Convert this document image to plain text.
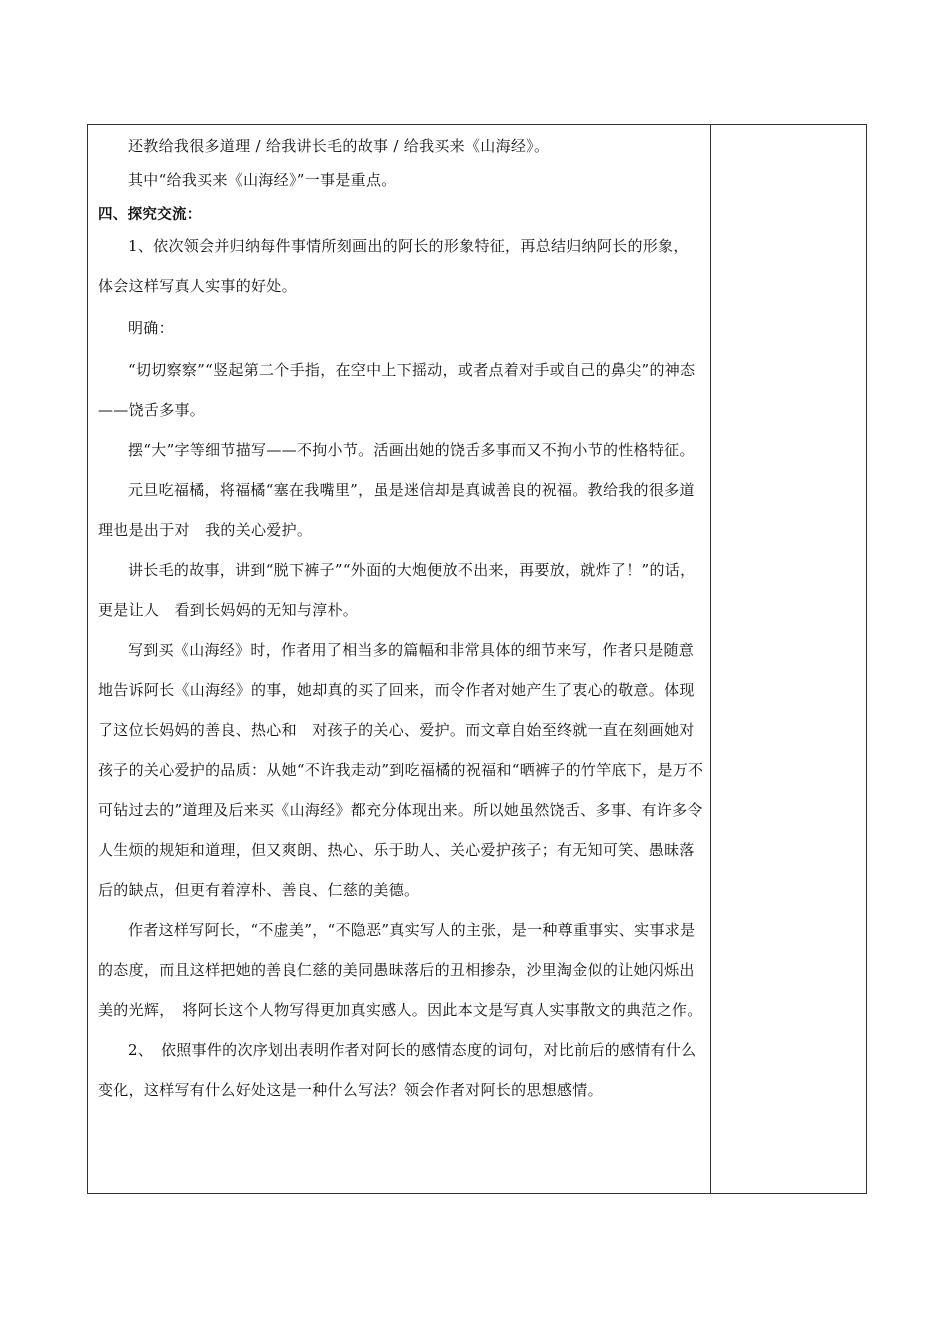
还教给我很多道理 / 给我讲长毛的故事 / 给我买来《山海经》。

其中“给我买来《山海经》”一事是重点。

四、探究交流：

1、依次领会并归纳每件事情所刻画出的阿长的形象特征，再总结归纳阿长的形象，　体会这样写真人实事的好处。

明确：

“切切察察”“竖起第二个手指，在空中上下摇动，或者点着对手或自己的鼻尖”的神态——饶舌多事。

摆“大”字等细节描写——不拘小节。活画出她的饶舌多事而又不拘小节的性格特征。

元旦吃福橘，将福橘“塞在我嘴里”，虽是迷信却是真诚善良的祝福。教给我的很多道理也是出于对　我的关心爱护。

讲长毛的故事，讲到“脱下裤子”“外面的大炮便放不出来，再要放，就炸了！”的话，更是让人　看到长妈妈的无知与淳朴。

写到买《山海经》时，作者用了相当多的篇幅和非常具体的细节来写，作者只是随意地告诉阿长《山海经》的事，她却真的买了回来，而令作者对她产生了衷心的敬意。体现了这位长妈妈的善良、热心和　对孩子的关心、爱护。而文章自始至终就一直在刻画她对孩子的关心爱护的品质：从她“不许我走动”到吃福橘的祝福和“晒裤子的竹竿底下，是万不可钻过去的”道理及后来买《山海经》都充分体现出来。所以她虽然饶舌、多事、有许多令人生烦的规矩和道理，但又爽朗、热心、乐于助人、关心爱护孩子；有无知可笑、愚昧落后的缺点，但更有着淳朴、善良、仁慈的美德。

作者这样写阿长，“不虚美”，“不隐恶”真实写人的主张，是一种尊重事实、实事求是的态度，而且这样把她的善良仁慈的美同愚昧落后的丑相掺杂，沙里淘金似的让她闪烁出美的光辉，　将阿长这个人物写得更加真实感人。因此本文是写真人实事散文的典范之作。

2、　依照事件的次序划出表明作者对阿长的感情态度的词句，对比前后的感情有什么变化，这样写有什么好处这是一种什么写法？领会作者对阿长的思想感情。
